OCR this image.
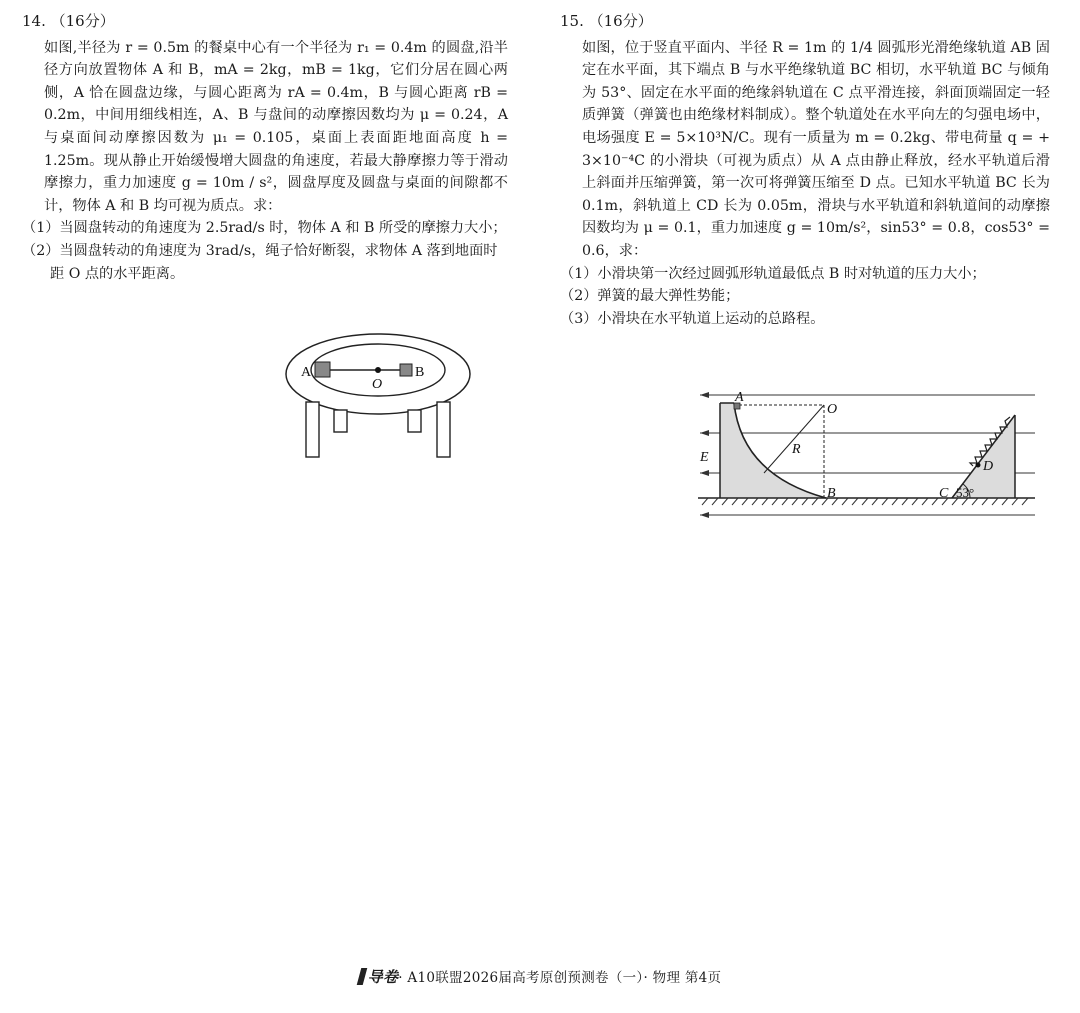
14. （16分）

如图,半径为 r = 0.5m 的餐桌中心有一个半径为 r₁ = 0.4m 的圆盘,沿半径方向放置物体 A 和 B，mA = 2kg，mB = 1kg，它们分居在圆心两侧，A 恰在圆盘边缘，与圆心距离为 rA = 0.4m，B 与圆心距离 rB = 0.2m，中间用细线相连，A、B 与盘间的动摩擦因数均为 μ = 0.24，A 与桌面间动摩擦因数为 μ₁ = 0.105，桌面上表面距地面高度 h = 1.25m。现从静止开始缓慢增大圆盘的角速度，若最大静摩擦力等于滑动摩擦力，重力加速度 g = 10m / s²，圆盘厚度及圆盘与桌面的间隙都不计，物体 A 和 B 均可视为质点。求：

（1）当圆盘转动的角速度为 2.5rad/s 时，物体 A 和 B 所受的摩擦力大小；

（2）当圆盘转动的角速度为 3rad/s，绳子恰好断裂，求物体 A 落到地面时距 O 点的水平距离。

A	B
O

15. （16分）

如图，位于竖直平面内、半径 R = 1m 的 1/4 圆弧形光滑绝缘轨道 AB 固定在水平面，其下端点 B 与水平绝缘轨道 BC 相切，水平轨道 BC 与倾角为 53°、固定在水平面的绝缘斜轨道在 C 点平滑连接，斜面顶端固定一轻质弹簧（弹簧也由绝缘材料制成）。整个轨道处在水平向左的匀强电场中，电场强度 E = 5×10³N/C。现有一质量为 m = 0.2kg、带电荷量 q = + 3×10⁻⁴C 的小滑块（可视为质点）从 A 点由静止释放，经水平轨道后滑上斜面并压缩弹簧，第一次可将弹簧压缩至 D 点。已知水平轨道 BC 长为 0.1m，斜轨道上 CD 长为 0.05m，滑块与水平轨道和斜轨道间的动摩擦因数均为 μ = 0.1，重力加速度 g = 10m/s²，sin53° = 0.8，cos53° = 0.6，求：

（1）小滑块第一次经过圆弧形轨道最低点 B 时对轨道的压力大小；

（2）弹簧的最大弹性势能；

（3）小滑块在水平轨道上运动的总路程。

A
O
R
E
B	C
D
53°
导卷· A10联盟2026届高考原创预测卷（一）· 物理 第4页
